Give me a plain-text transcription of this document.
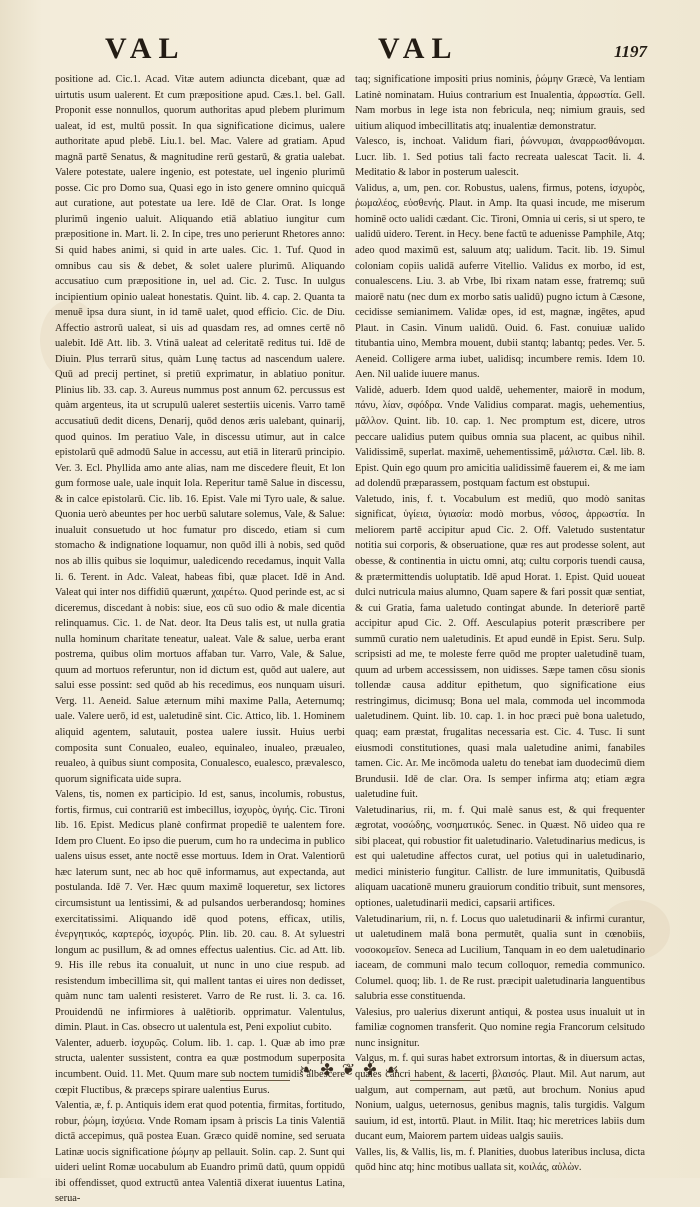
VAL	VAL	1197

positione ad. Cic.1. Acad. Vitæ autem adiuncta dicebant, quæ ad uirtutis usum ualerent. Et cum præpositione apud. Cæs.1. bel. Gall. Proponit esse nonnullos, quorum authoritas apud plebem plurimum ualeat, id est, multū possit. In qua significatione dicimus, ualere authoritate apud plebē. Liu.1. bel. Mac. Valere ad gratiam. Apud magnā partē Senatus, & magnitudine rerū gestarū, & gratia ualebat. Valere potestate, ualere ingenio, est potestate, uel ingenio plurimū posse. Cic pro Domo sua, Quasi ego in isto genere omnino quicquā aut curatione, aut potestate ua lere. Idē de Clar. Orat. Is longe plurimū ingenio ualuit. Aliquando etiā ablatiuo iungitur cum præpositione in. Mart. li. 2. In cipe, tres uno perierunt Rhetores anno: Si quid habes animi, si quid in arte uales. Cic. 1. Tuf. Quod in omnibus cau sis & debet, & solet ualere plurimū. Aliquando accusatiuo cum præpositione in, uel ad. Cic. 2. Tusc. In uulgus incipientium opinio ualeat honestatis. Quint. lib. 4. cap. 2. Quanta ta menuē ipsa dura siunt, in id tamē ualet, quod efficio. Cic. de Diu. Affectio astrorū ualeat, si uis ad quasdam res, ad omnes certē nō ualebit. Idē Att. lib. 3. Vtinā ualeat ad celeritatē reditus tui. Idē de Diuin. Plus terrarū situs, quàm Lunę tactus ad nascendum ualere. Quū ad precij pertinet, si pretiū exprimatur, in ablatiuo ponitur. Plinius lib. 33. cap. 3. Aureus nummus post annum 62. percussus est quàm argenteus, ita ut scrupulū ualeret sestertiis uicenis. Varro tamē accusatiuū dedit dicens, Denarij, quōd denos æris ualebant, quinarij, quod quinos. Im peratiuo Vale, in discessu utimur, aut in calce epistolarū quē admodū Salue in accessu, aut etiā in literarū principio. Ver. 3. Ecl. Phyllida amo ante alias, nam me discedere fleuit, Et lon gum formose uale, uale inquit Iola. Reperitur tamē Salue in discessu, & in calce epistolarū. Cic. lib. 16. Epist. Vale mi Tyro uale, & salue. Quonia uerò abeuntes per hoc uerbū salutare solemus, Vale, & Salue: inualuit consuetudo ut hoc fumatur pro discedo, etiam si cum stomacho & indignatione loquamur, non quōd illi à nobis, sed quōd nos ab illis quibus sie loquimur, ualedicendo recedamus, inquit Valla li. 6. Terent. in Adc. Valeat, habeas fibi, quæ placet. Idē in And. Valeat qui inter nos diffidiū quærunt, χαιρέτω. Quod perinde est, ac si diceremus, discedant à nobis: siue, eos cū suo odio & male dicentia relinquamus. Cic. 1. de Nat. deor. Ita Deus talis est, ut nulla gratia nulla hominum charitate teneatur, ualeat. Vale & salue, uerba erant postrema, quibus olim mortuos affaban tur. Varro, Vale, & Salue, quum ad mortuos referuntur, non id dictum est, quōd aut ualere, aut salui esse possint: sed quōd ab his recedimus, eos nunquam uisuri. Verg. 11. Aeneid. Salue æternum mihi maxime Palla, Aeternumq; uale. Valere uerō, id est, ualetudinē sint. Cic. Attico, lib. 1. Hominem aliquid agentem, salutauit, postea ualere iussit. Huius uerbi composita sunt Conualeo, eualeo, equinaleo, inualeo, præualeo, reualeo, à quibus siunt composita, Conualesco, eualesco, prævalesco, quorum significata uide supra.

Valens, tis, nomen ex participio. Id est, sanus, incolumis, robustus, fortis, firmus, cui contrariū est imbecillus, ἰσχυρὸς, ὑγιής. Cic. Tironi lib. 16. Epist. Medicus planè confirmat propediē te ualentem fore. Idem pro Cluent. Eo ipso die puerum, cum ho ra undecima in publico ualens uisus esset, ante noctē esse mortuus. Idem in Orat. Valentiorū hæc laterum sunt, nec ab hoc quē informamus, aut expectanda, aut postulanda. Idē 7. Ver. Hæc quum maximē loqueretur, sex lictores circumsistunt ua lentissimi, & ad pulsandos uerberandosq; homines exercitatissimi. Aliquando idē quod potens, efficax, utilis, ἐνεργητικός, καρτερός, ἰσχυρός. Plin. lib. 20. cau. 8. At syluestri longum ac pusillum, & ad omnes effectus ualentius. Cic. ad Att. lib. 9. His ille rebus ita conualuit, ut nunc in uno ciue respub. ad resistendum imbecillima sit, qui mallent tantas ei uires non dedisset, quàm nunc tam ualenti resisteret. Varro de Re rust. li. 3. ca. 16. Prouidendū ne infirmiores à ualētiorib. opprimatur. Valentulus, dimin. Plaut. in Cas. obsecro ut ualentula est, Peni expoliut cubito.

Valenter, aduerb. ἰσχυρῶς. Colum. lib. 1. cap. 1. Quæ ab imo præ structa, ualenter sussistent, contra ea quæ postmodum superposita incumbent. Ouid. 11. Met. Quum mare sub noctem tumidis albescere cœpit Fluctibus, & præceps spirare ualentius Eurus.

Valentia, æ, f. p. Antiquis idem erat quod potentia, firmitas, fortitudo, robur, ῥώμη, ἰσχύεια. Vnde Romam ipsam à priscis La tinis Valentiā dictā accepimus, quā postea Euan. Græco quidē nomine, sed seruata Latinæ uocis significatione ῥώμην ap pellauit. Solin. cap. 2. Sunt qui uideri uelint Romæ uocabulum ab Euandro primū datū, quum oppidū ibi offendisset, quod extructū antea Valentiā dixerat iuuentus Latina, serua-

taq; significatione impositi prius nominis, ῥώμην Græcè, Va lentiam Latinè nominatam. Huius contrarium est Inualentia, ἀρρωστία. Gell. Nam morbus in lege ista non febricula, neq; nimium grauis, sed uitium aliquod imbecillitatis atq; inualentiæ demonstratur.

Valesco, is, inchoat. Validum fiari, ῥώννυμαι, ἀναρρωσθάνομαι. Lucr. lib. 1. Sed potius tali facto recreata ualescat Tacit. li. 4. Meditatio & labor in posterum ualescit.

Validus, a, um, pen. cor. Robustus, ualens, firmus, potens, ἰσχυρὸς, ῥωμαλέος, εὐσθενής. Plaut. in Amp. Ita quasi incude, me miserum hominē octo ualidi cædant. Cic. Tironi, Omnia ui ceris, si ut spero, te ualidū uidero. Terent. in Hecy. bene factū te aduenisse Pamphile, Atq; adeo quod maximū est, saluum atq; ualidum. Tacit. lib. 19. Simul coloniam copiis ualidā auferre Vitellio. Validus ex morbo, id est, conualescens. Liu. 3. ab Vrbe, Ibi rixam natam esse, fratremq; suū maiorē natu (nec dum ex morbo satis ualidū) pugno ictum à Cæsone, cecidisse semianimem. Validæ opes, id est, magnæ, ingētes, apud Plaut. in Casin. Vinum ualidū. Ouid. 6. Fast. conuiuæ ualido titubantia uino, Membra mouent, dubii stantq; labantq; pedes. Ver. 5. Aeneid. Colligere arma iubet, ualidisq; incumbere remis. Idem 10. Aen. Nil ualide iuuere manus.

Validè, aduerb. Idem quod ualdē, uehementer, maiorē in modum, πάνυ, λίαν, σφόδρα. Vnde Validius comparat. magis, uehementius, μᾶλλον. Quint. lib. 10. cap. 1. Nec promptum est, dicere, utros peccare ualidius putem quibus omnia sua placent, ac quibus nihil. Validissimē, superlat. maximē, uehementissimē, μάλιστα. Cæl. lib. 8. Epist. Quin ego quum pro amicitia ualidissimē fauerem ei, & me iam ad dolendū præparassem, postquam factum est obstupui.

Valetudo, inis, f. t. Vocabulum est mediū, quo modò sanitas significat, ὑγίεια, ὑγιασία: modò morbus, νόσος, ἀρρωστία. In meliorem partē accipitur apud Cic. 2. Off. Valetudo sustentatur notitia sui corporis, & obseruatione, quæ res aut prodesse solent, aut obesse, & continentia in uictu omni, atq; cultu corporis tuendi causa, & prætermittendis uoluptatib. Idē apud Horat. 1. Epist. Quid uoueat dulci nutricula maius alumno, Quam sapere & fari possit quæ sentiat, & cui Gratia, fama ualetudo contingat abunde. In deteriorē partē accipitur apud Cic. 2. Off. Aesculapius poterit præscribere per summū curatio nem ualetudinis. Et apud eundē in Epist. Seru. Sulp. scripsisti ad me, te moleste ferre quōd me propter ualetudinē tuam, quum ad urbem accessissem, non uidisses. Sæpe tamen cōsu sionis tollendæ causa additur epithetum, quo significatione eius restringimus, dicimusq; Bona uel mala, commoda uel incommoda ualetudinem. Quint. lib. 10. cap. 1. in hoc præci puè bona ualetudo, quaq; eam præstat, frugalitas necessaria est. Cic. 4. Tusc. Ii sunt eiusmodi constitutiones, quasi mala ualetudine animi, fanabiles tamen. Cic. Ar. Me incōmoda ualetu do tenebat iam duodecimū diem Brundusii. Idē de clar. Ora. Is semper infirma atq; etiam ægra ualetudine fuit.

Valetudinarius, rii, m. f. Qui malè sanus est, & qui frequenter ægrotat, νοσώδης, νοσηματικός. Senec. in Quæst. Nō uideo qua re sibi placeat, qui robustior fit ualetudinario. Valetudinarius medicus, is est qui ualetudine affectos curat, uel potius qui in ualetudinario, medici ministerio fungitur. Callistr. de lure immunitatis, Quibusdā aliquam uacationē muneru grauiorum conditio tribuit, sunt mensores, optiones, ualetudinarii medici, capsarii artifices.

Valetudinarium, rii, n. f. Locus quo ualetudinarii & infirmi curantur, ut ualetudinem malā bona permutēt, qualia sunt in cœnobiis, νοσοκομεῖον. Seneca ad Lucilium, Tanquam in eo dem ualetudinario iaceam, de communi malo tecum colloquor, remedia communico. Columel. quoq; lib. 1. de Re rust. præcipit ualetudinaria languentibus salubria esse constituenda.

Valesius, pro ualerius dixerunt antiqui, & postea usus inualuit ut in familiæ cognomen transferit. Quo nomine regia Francorum celsitudo nunc insignitur.

Valgus, m. f. qui suras habet extrorsum intortas, & in diuersum actas, quales cancri habent, & lacerti, βλαισός. Plaut. Mil. Aut narum, aut ualgum, aut compernam, aut pætū, aut brochum. Nonius apud Nonium, ualgus, ueternosus, genibus magnis, talis turgidis. Valgum sauium, id est, intortū. Plaut. in Milit. Itaq; hic meretrices labiis dum ducant eum, Maiorem partem uideas ualgis sauiis.

Valles, lis, & Vallis, lis, m. f. Planities, duobus lateribus inclusa, dicta quōd hinc atq; hinc motibus uallata sit, κοιλάς, αὐλὼν.

❧ ✤ ❦ ✤ ☙
